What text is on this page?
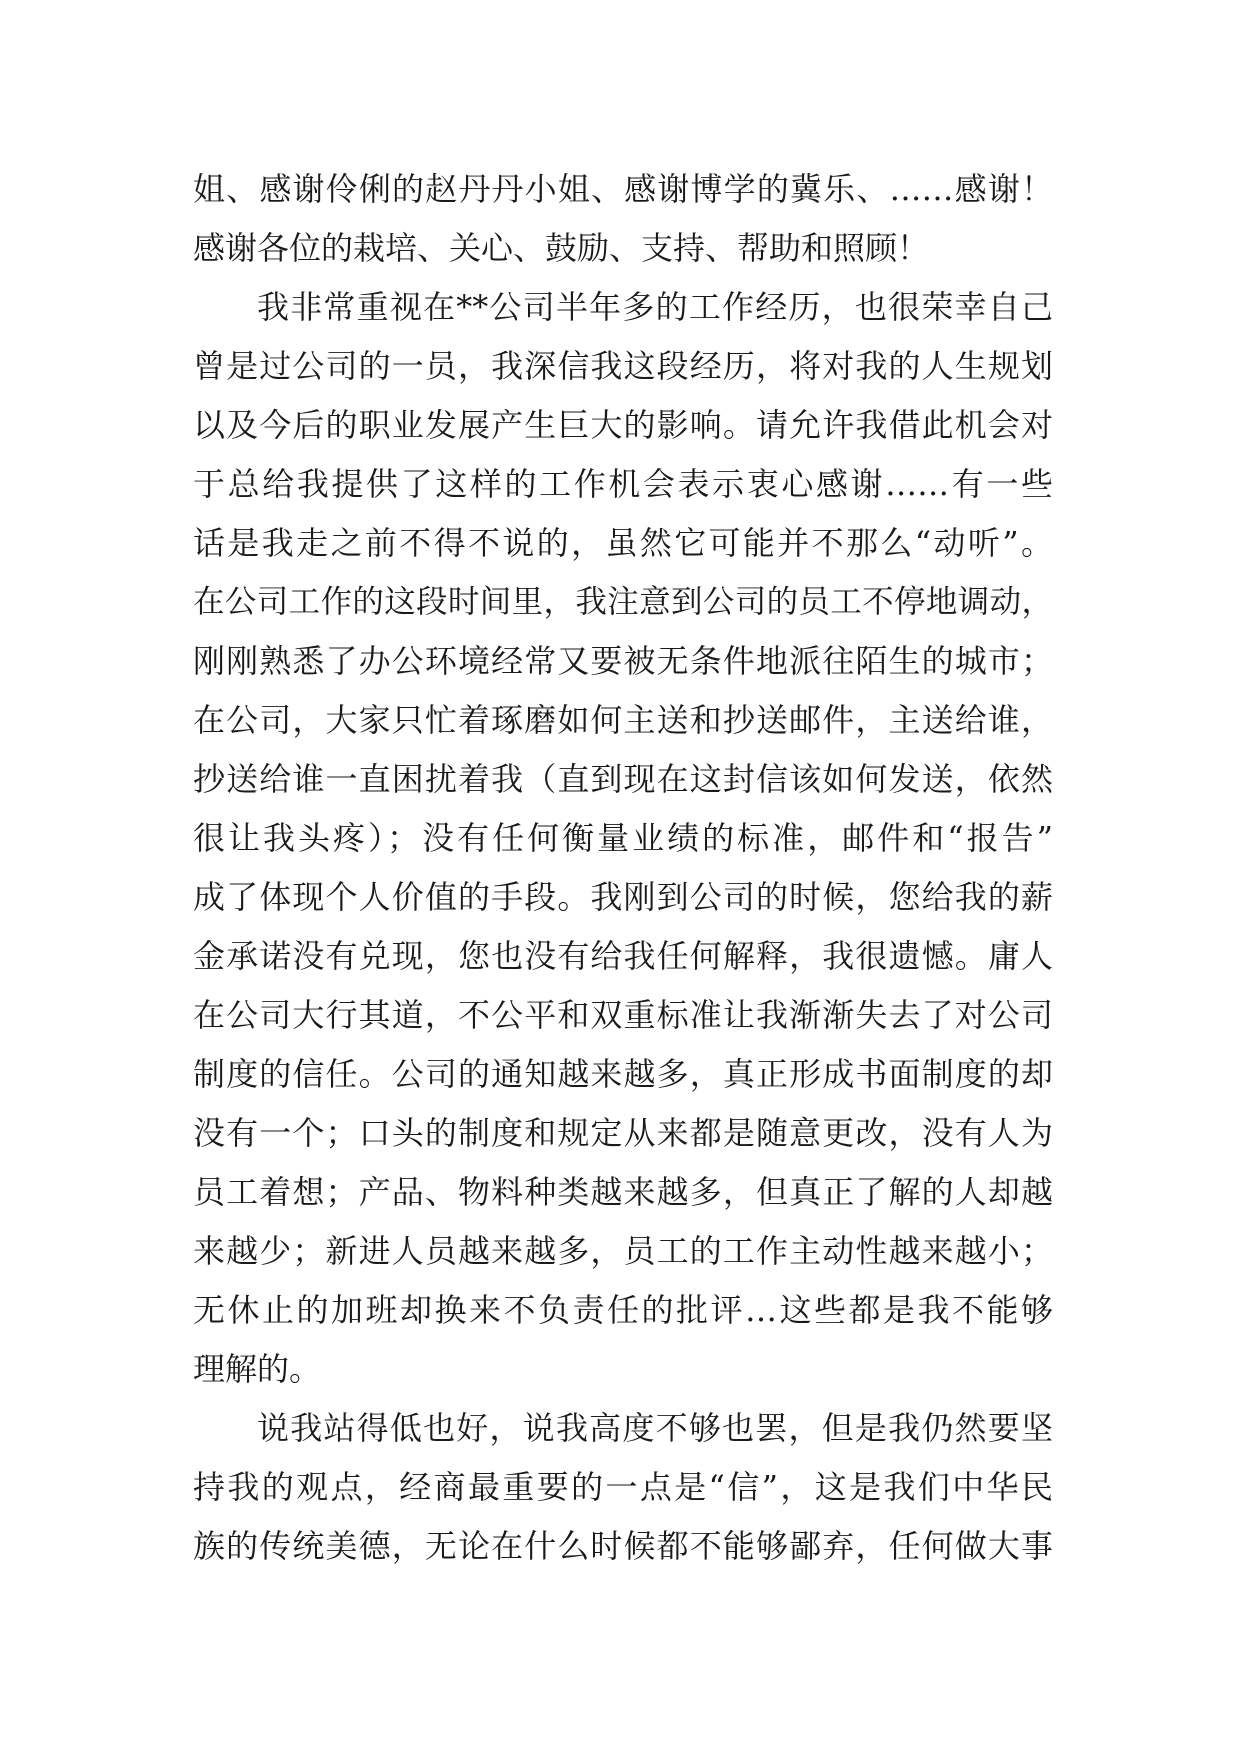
姐、感谢伶俐的赵丹丹小姐、感谢博学的冀乐、……感谢！
感谢各位的栽培、关心、鼓励、支持、帮助和照顾！
我非常重视在**公司半年多的工作经历，也很荣幸自己
曾是过公司的一员，我深信我这段经历，将对我的人生规划
以及今后的职业发展产生巨大的影响。请允许我借此机会对
于总给我提供了这样的工作机会表示衷心感谢……有一些
话是我走之前不得不说的，虽然它可能并不那么“动听”。
在公司工作的这段时间里，我注意到公司的员工不停地调动，
刚刚熟悉了办公环境经常又要被无条件地派往陌生的城市；
在公司，大家只忙着琢磨如何主送和抄送邮件，主送给谁，
抄送给谁一直困扰着我（直到现在这封信该如何发送，依然
很让我头疼）；没有任何衡量业绩的标准，邮件和“报告”
成了体现个人价值的手段。我刚到公司的时候，您给我的薪
金承诺没有兑现，您也没有给我任何解释，我很遗憾。庸人
在公司大行其道，不公平和双重标准让我渐渐失去了对公司
制度的信任。公司的通知越来越多，真正形成书面制度的却
没有一个；口头的制度和规定从来都是随意更改，没有人为
员工着想；产品、物料种类越来越多，但真正了解的人却越
来越少；新进人员越来越多，员工的工作主动性越来越小；
无休止的加班却换来不负责任的批评…这些都是我不能够
理解的。
说我站得低也好，说我高度不够也罢，但是我仍然要坚
持我的观点，经商最重要的一点是“信”，这是我们中华民
族的传统美德，无论在什么时候都不能够鄙弃，任何做大事
